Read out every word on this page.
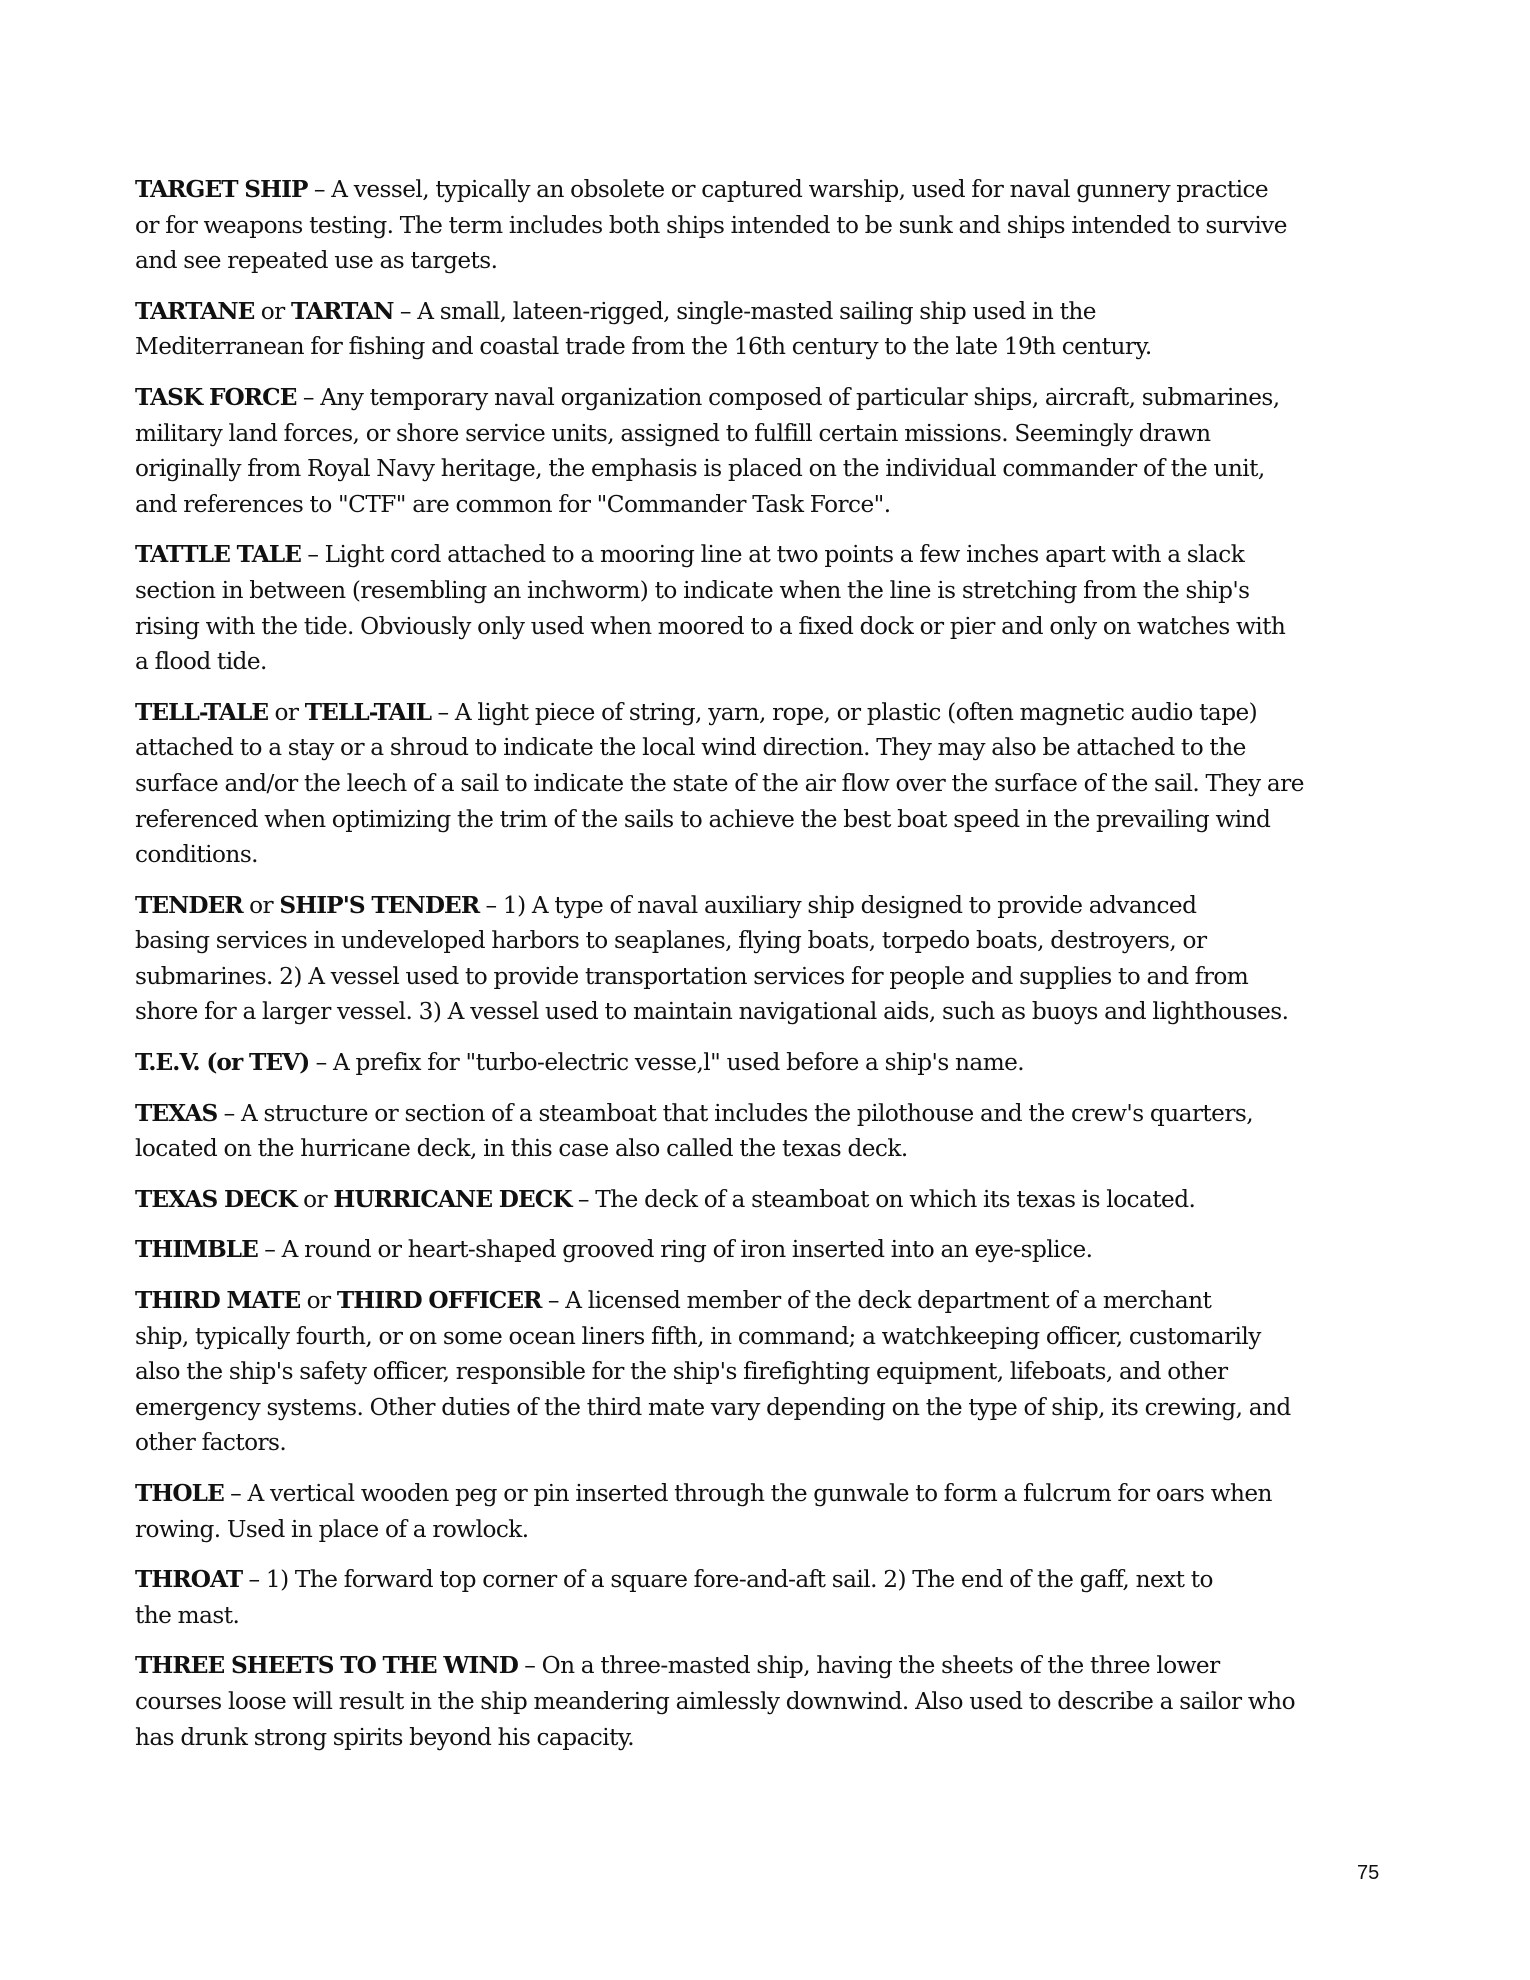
TARGET SHIP – A vessel, typically an obsolete or captured warship, used for naval gunnery practice
or for weapons testing. The term includes both ships intended to be sunk and ships intended to survive
and see repeated use as targets.

TARTANE or TARTAN – A small, lateen-rigged, single-masted sailing ship used in the
Mediterranean for fishing and coastal trade from the 16th century to the late 19th century.

TASK FORCE – Any temporary naval organization composed of particular ships, aircraft, submarines,
military land forces, or shore service units, assigned to fulfill certain missions. Seemingly drawn
originally from Royal Navy heritage, the emphasis is placed on the individual commander of the unit,
and references to "CTF" are common for "Commander Task Force".

TATTLE TALE – Light cord attached to a mooring line at two points a few inches apart with a slack
section in between (resembling an inchworm) to indicate when the line is stretching from the ship's
rising with the tide. Obviously only used when moored to a fixed dock or pier and only on watches with
a flood tide.

TELL-TALE or TELL-TAIL – A light piece of string, yarn, rope, or plastic (often magnetic audio tape)
attached to a stay or a shroud to indicate the local wind direction. They may also be attached to the
surface and/or the leech of a sail to indicate the state of the air flow over the surface of the sail. They are
referenced when optimizing the trim of the sails to achieve the best boat speed in the prevailing wind
conditions.

TENDER or SHIP'S TENDER – 1) A type of naval auxiliary ship designed to provide advanced
basing services in undeveloped harbors to seaplanes, flying boats, torpedo boats, destroyers, or
submarines. 2) A vessel used to provide transportation services for people and supplies to and from
shore for a larger vessel. 3) A vessel used to maintain navigational aids, such as buoys and lighthouses.

T.E.V. (or TEV) – A prefix for "turbo-electric vesse,l" used before a ship's name.

TEXAS – A structure or section of a steamboat that includes the pilothouse and the crew's quarters,
located on the hurricane deck, in this case also called the texas deck.

TEXAS DECK or HURRICANE DECK – The deck of a steamboat on which its texas is located.

THIMBLE – A round or heart-shaped grooved ring of iron inserted into an eye-splice.

THIRD MATE or THIRD OFFICER – A licensed member of the deck department of a merchant
ship, typically fourth, or on some ocean liners fifth, in command; a watchkeeping officer, customarily
also the ship's safety officer, responsible for the ship's firefighting equipment, lifeboats, and other
emergency systems. Other duties of the third mate vary depending on the type of ship, its crewing, and
other factors.

THOLE – A vertical wooden peg or pin inserted through the gunwale to form a fulcrum for oars when
rowing. Used in place of a rowlock.

THROAT – 1) The forward top corner of a square fore-and-aft sail. 2) The end of the gaff, next to
the mast.

THREE SHEETS TO THE WIND – On a three-masted ship, having the sheets of the three lower
courses loose will result in the ship meandering aimlessly downwind. Also used to describe a sailor who
has drunk strong spirits beyond his capacity.

75
